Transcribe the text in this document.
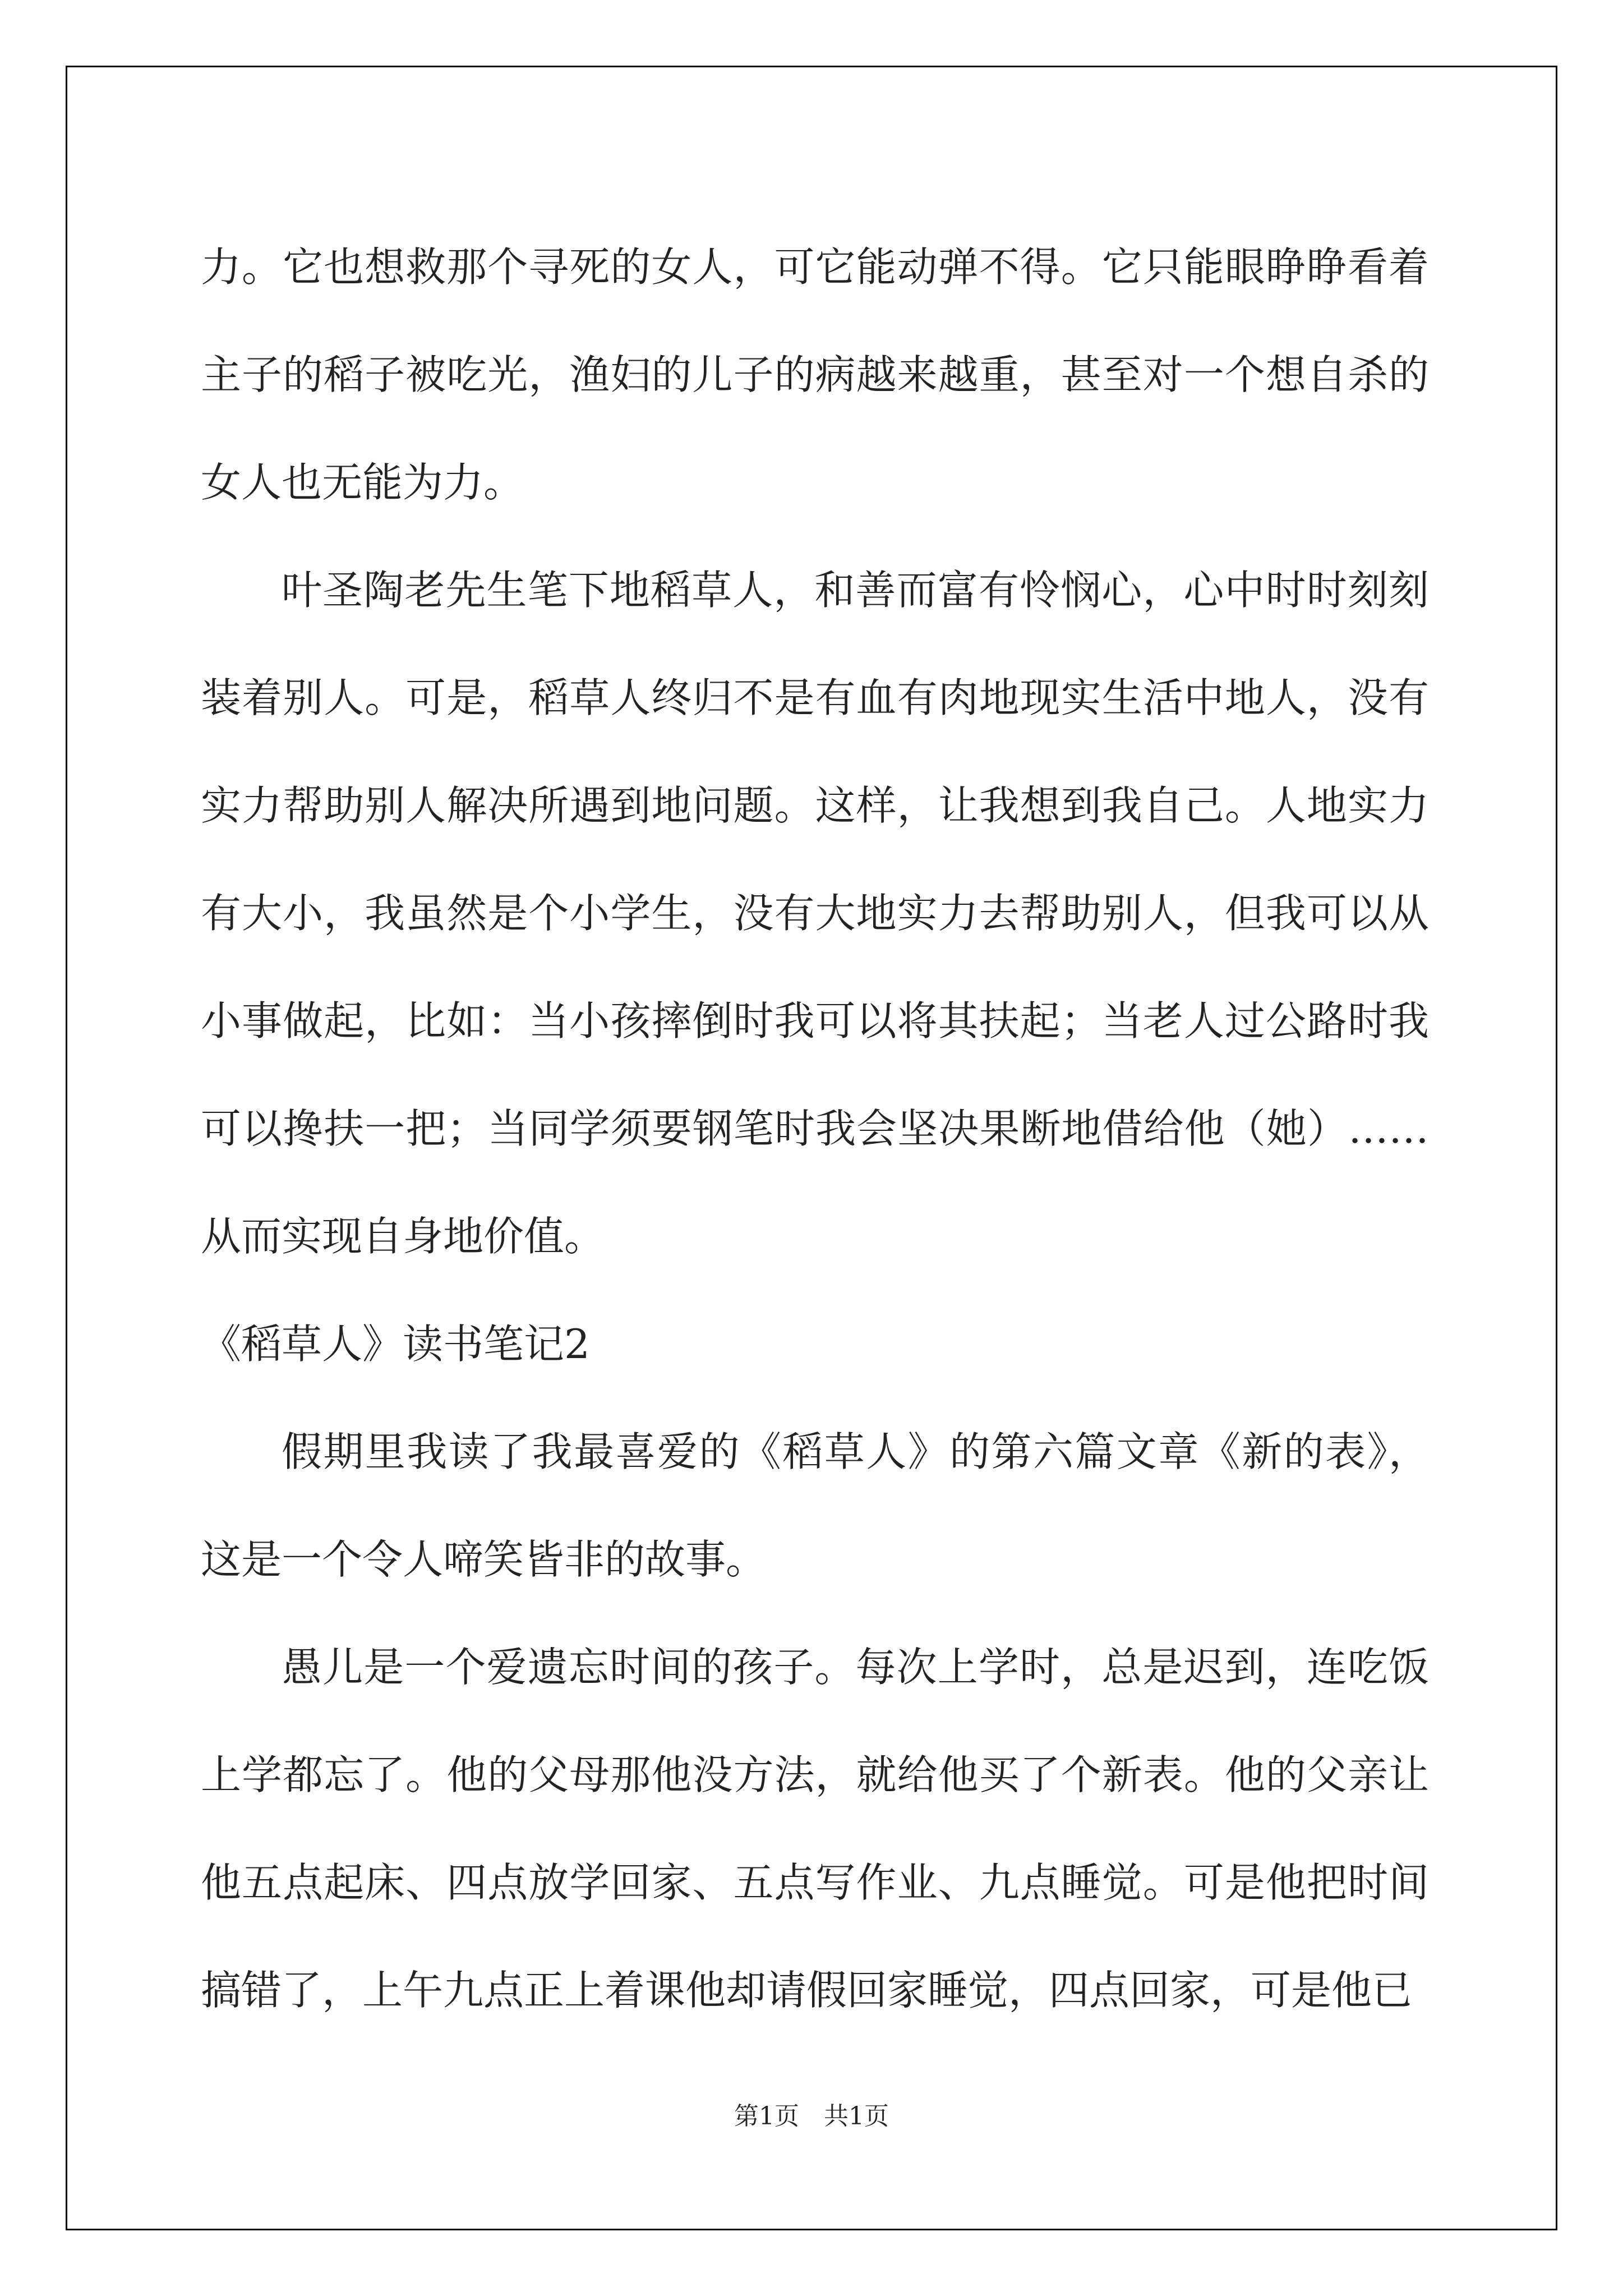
力。它也想救那个寻死的女人，可它能动弹不得。它只能眼睁睁看着主子的稻子被吃光，渔妇的儿子的病越来越重，甚至对一个想自杀的女人也无能为力。

叶圣陶老先生笔下地稻草人，和善而富有怜悯心，心中时时刻刻装着别人。可是，稻草人终归不是有血有肉地现实生活中地人，没有实力帮助别人解决所遇到地问题。这样，让我想到我自己。人地实力有大小，我虽然是个小学生，没有大地实力去帮助别人，但我可以从小事做起，比如：当小孩摔倒时我可以将其扶起；当老人过公路时我可以搀扶一把；当同学须要钢笔时我会坚决果断地借给他（她）……从而实现自身地价值。

《稻草人》读书笔记2

假期里我读了我最喜爱的《稻草人》的第六篇文章《新的表》，这是一个令人啼笑皆非的故事。

愚儿是一个爱遗忘时间的孩子。每次上学时，总是迟到，连吃饭上学都忘了。他的父母那他没方法，就给他买了个新表。他的父亲让他五点起床、四点放学回家、五点写作业、九点睡觉。可是他把时间搞错了，上午九点正上着课他却请假回家睡觉，四点回家，可是他已

第1页　共1页
